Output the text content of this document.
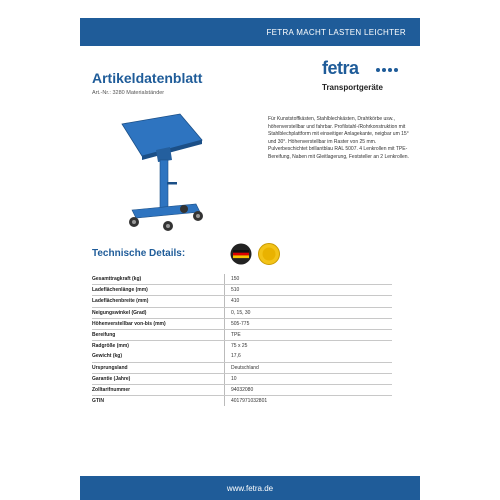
FETRA MACHT LASTEN LEICHTER
Artikeldatenblatt
Art.-Nr.: 3280 Materialständer
fetra
Transportgeräte
Für Kunststoffkästen, Stahlblechkästen, Drahtkörbe usw., höhenverstellbar und fahrbar. Profilstahl-/Rohrkonstruktion mit Stahlblechplattform mit einseitiger Anlagekante, neigbar um 15° und 30°. Höhenverstellbar im Raster von 25 mm. Pulverbeschichtet brillantblau RAL 5007. 4 Lenkrollen mit TPE-Bereifung, Naben mit Gleitlagerung, Feststeller an 2 Lenkrollen.
Technische Details:
Gesamttragkraft (kg)	150
Ladeflächenlänge (mm)	510
Ladeflächenbreite (mm)	410
Neigungswinkel (Grad)	0, 15, 30
Höhenverstellbar von-bis (mm)	505-775
Bereifung	TPE
Radgröße (mm)	75 x 25
Gewicht (kg)	17,6
Ursprungsland	Deutschland
Garantie (Jahre)	10
Zolltarifnummer	94032080
GTIN	4017971032801
www.fetra.de
